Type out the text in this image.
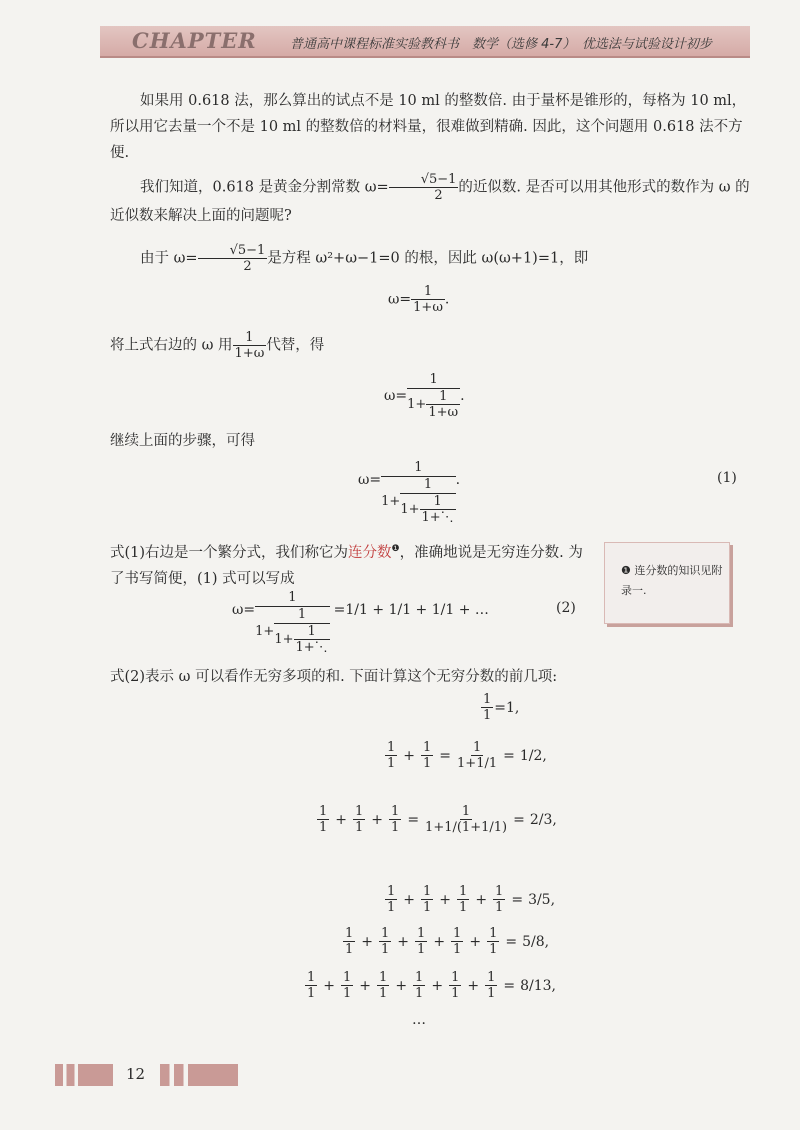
CHAPTER	普通高中课程标准实验教科书　数学（选修 4-7）　优选法与试验设计初步

如果用 0.618 法，那么算出的试点不是 10 ml 的整数倍. 由于量杯是锥形的，每格为 10 ml，所以用它去量一个不是 10 ml 的整数倍的材料量，很难做到精确. 因此，这个问题用 0.618 法不方便.

我们知道，0.618 是黄金分割常数 $\omega= \frac{√5-1}{2}$ 的近似数. 是否可以用其他形式的数作为 ω 的近似数来解决上面的问题呢?

由于 $\omega= \frac{√5-1}{2}$ 是方程 ω²+ω−1=0 的根，因此 ω(ω+1)=1，即

$\omega= \frac{1}{1+\omega}$ .

将上式右边的 ω 用 $\frac{1}{1+\omega}$ 代替，得

$\omega= \frac{1}{1+ \frac{1}{1+\omega}}$ .

继续上面的步骤，可得

$\omega= \frac{1}{1+ \frac{1}{1+ \frac{1}{1+⋱}}}$ .	(1)

式(1)右边是一个繁分式，我们称它为连分数$^❶$，准确地说是无穷连分数. 为了书写简便，(1) 式可以写成

❶ 连分数的知识见附录一.
$\omega= \frac{1}{1+ \frac{1}{1+ \frac{1}{1+⋱}}} =1/1 + 1/1 + 1/1$ + …	(2)

式(2)表示 ω 可以看作无穷多项的和. 下面计算这个无穷分数的前几项:

$\frac{1}{1} =1$,
1
$1 + \frac{1}{1} = \frac{1}{1+1/1} = 1/2$ ,
1
$1 + \frac{1}{1} + \frac{1}{1} = \frac{1}{1+1/(1+1/1)} = 2/3$ ,
1
$1 + \frac{1}{1} + \frac{1}{1} + \frac{1}{1} = 3/5$ ,
1
$1 + \frac{1}{1} + \frac{1}{1} + \frac{1}{1} + \frac{1}{1} = 5/8$ ,
1
$1 + \frac{1}{1} + \frac{1}{1} + \frac{1}{1} + \frac{1}{1} + \frac{1}{1} = 8/13$ ,
…
12
